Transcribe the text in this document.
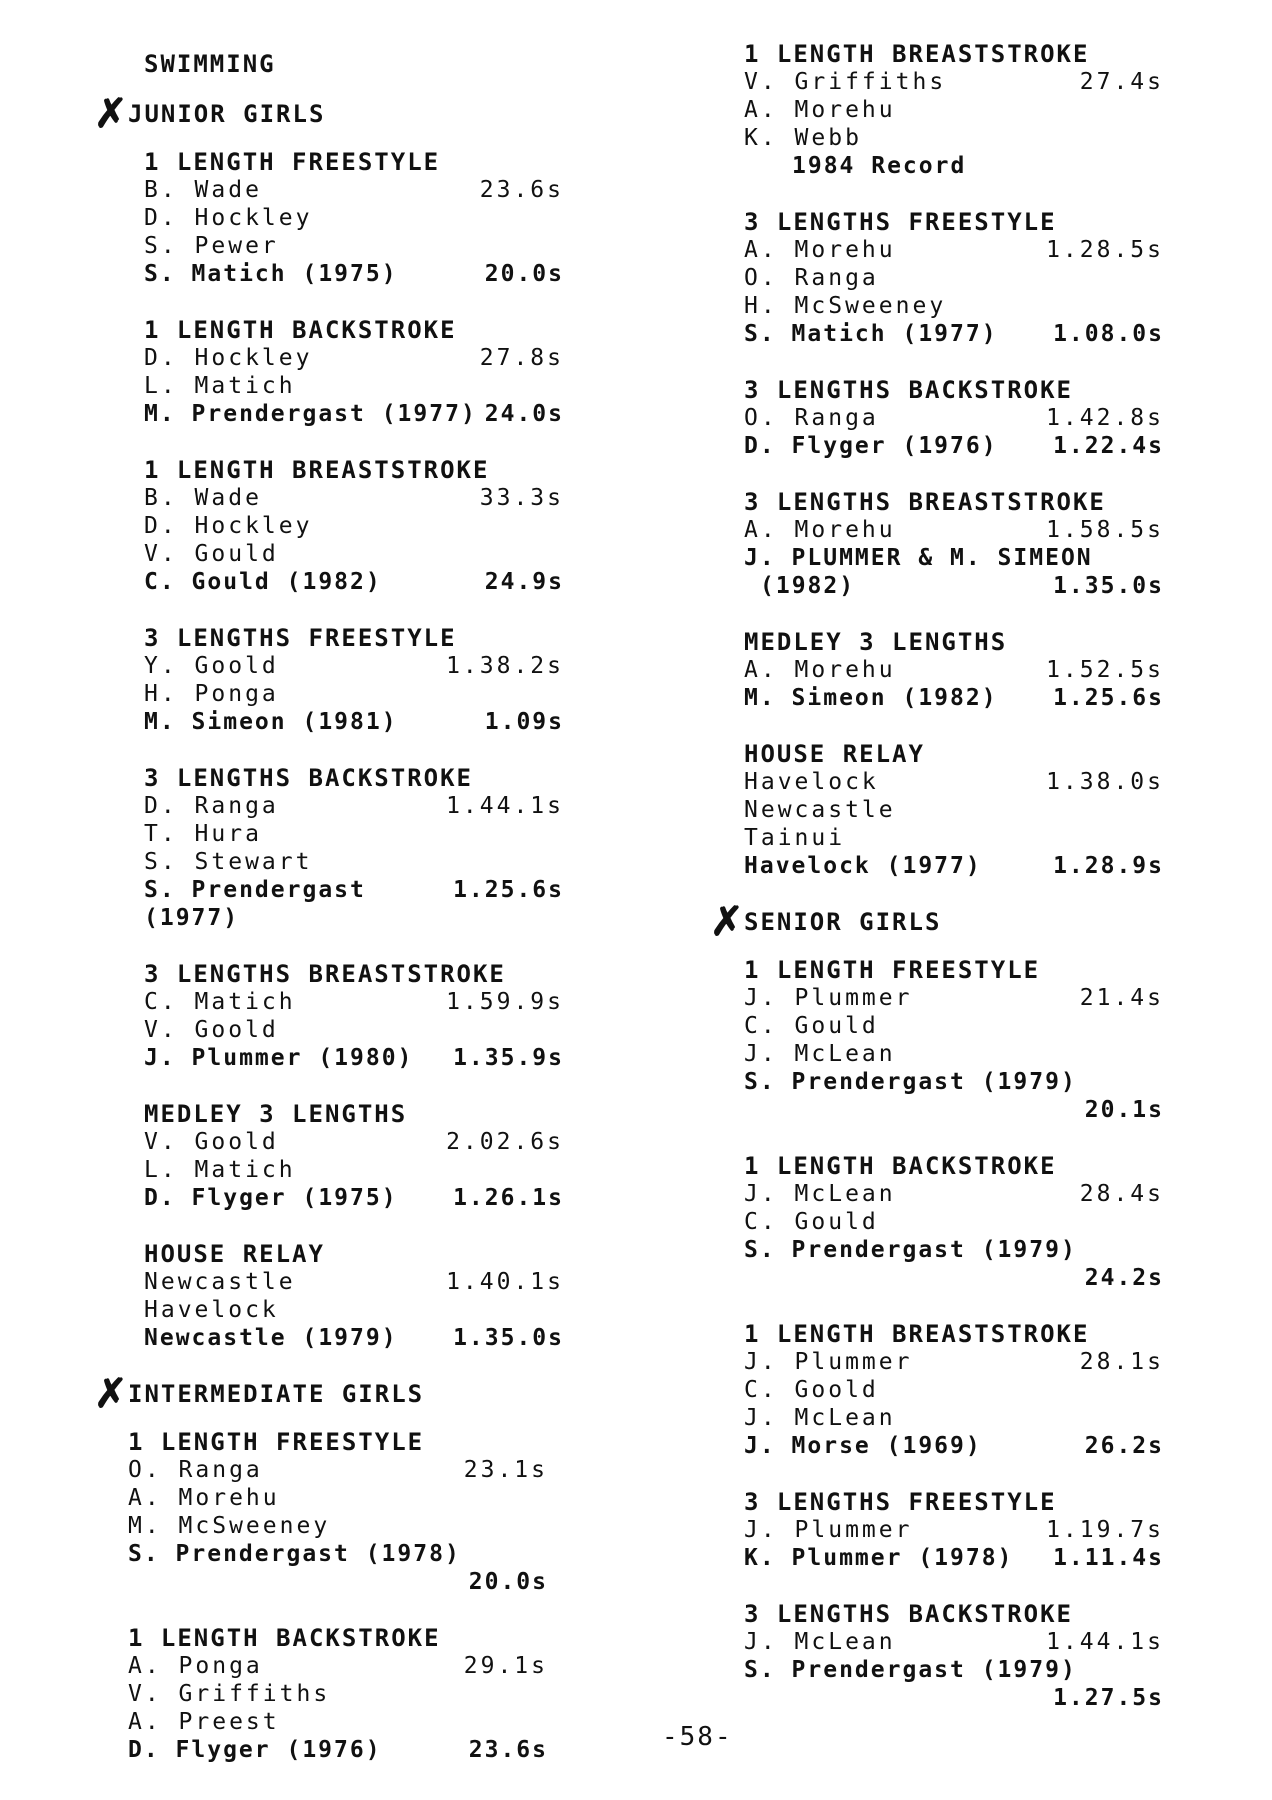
SWIMMING
✗
JUNIOR GIRLS
1 LENGTH FREESTYLE
B. Wade	23.6s
D. Hockley
S. Pewer
S. Matich (1975)	20.0s
1 LENGTH BACKSTROKE
D. Hockley	27.8s
L. Matich
M. Prendergast (1977) 24.0s
1 LENGTH BREASTSTROKE
B. Wade	33.3s
D. Hockley
V. Gould
C. Gould (1982)	24.9s
3 LENGTHS FREESTYLE
Y. Goold	1.38.2s
H. Ponga
M. Simeon (1981)	1.09s
3 LENGTHS BACKSTROKE
D. Ranga	1.44.1s
T. Hura
S. Stewart
S. Prendergast (1977)
1.25.6s
3 LENGTHS BREASTSTROKE
C. Matich	1.59.9s
V. Goold
J. Plummer (1980) 1.35.9s
MEDLEY 3 LENGTHS
V. Goold	2.02.6s
L. Matich
D. Flyger (1975) 1.26.1s
HOUSE RELAY
Newcastle	1.40.1s
Havelock
Newcastle (1979) 1.35.0s
✗
INTERMEDIATE GIRLS
1 LENGTH FREESTYLE
O. Ranga	23.1s
A. Morehu
M. McSweeney
S. Prendergast (1978)
20.0s
1 LENGTH BACKSTROKE
A. Ponga	29.1s
V. Griffiths
A. Preest
D. Flyger (1976)	23.6s
1 LENGTH BREASTSTROKE
V. Griffiths	27.4s
A. Morehu
K. Webb
1984 Record
3 LENGTHS FREESTYLE
A. Morehu	1.28.5s
O. Ranga
H. McSweeney
S. Matich (1977) 1.08.0s
3 LENGTHS BACKSTROKE
O. Ranga	1.42.8s
D. Flyger (1976) 1.22.4s
3 LENGTHS BREASTSTROKE
A. Morehu	1.58.5s
J. PLUMMER & M. SIMEON
(1982)	1.35.0s
MEDLEY 3 LENGTHS
A. Morehu	1.52.5s
M. Simeon (1982) 1.25.6s
HOUSE RELAY
Havelock	1.38.0s
Newcastle
Tainui
Havelock (1977)	1.28.9s
✗
SENIOR GIRLS
1 LENGTH FREESTYLE
J. Plummer	21.4s
C. Gould
J. McLean
S. Prendergast (1979)
20.1s
1 LENGTH BACKSTROKE
J. McLean	28.4s
C. Gould
S. Prendergast (1979)
24.2s
1 LENGTH BREASTSTROKE
J. Plummer	28.1s
C. Goold
J. McLean
J. Morse (1969)	26.2s
3 LENGTHS FREESTYLE
J. Plummer	1.19.7s
K. Plummer (1978) 1.11.4s
3 LENGTHS BACKSTROKE
J. McLean	1.44.1s
S. Prendergast (1979)
1.27.5s
-58-
